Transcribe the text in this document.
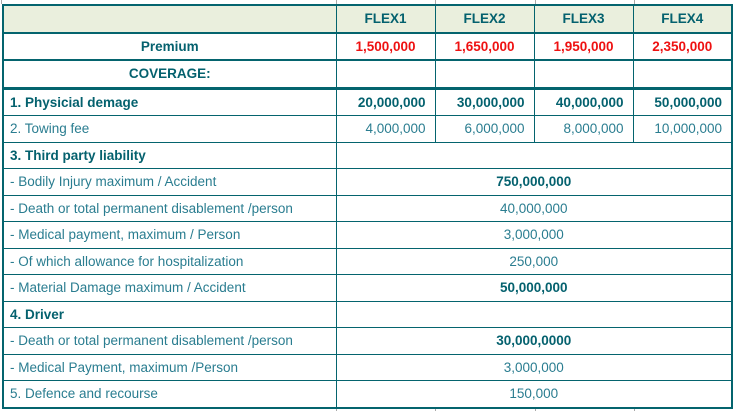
	FLEX1	FLEX2	FLEX3	FLEX4
Premium	1,500,000	1,650,000	1,950,000	2,350,000
COVERAGE:				
1. Physicial demage	20,000,000	30,000,000	40,000,000	50,000,000
2. Towing fee	4,000,000	6,000,000	8,000,000	10,000,000
3. Third party liability				
- Bodily Injury maximum / Accident	750,000,000			
- Death or total permanent disablement /person	40,000,000			
- Medical payment, maximum / Person	3,000,000			
- Of which allowance for hospitalization	250,000			
- Material Damage maximum / Accident	50,000,000			
4. Driver				
- Death or total permanent disablement /person	30,000,0000			
- Medical Payment, maximum /Person	3,000,000			
5. Defence and recourse	150,000			
